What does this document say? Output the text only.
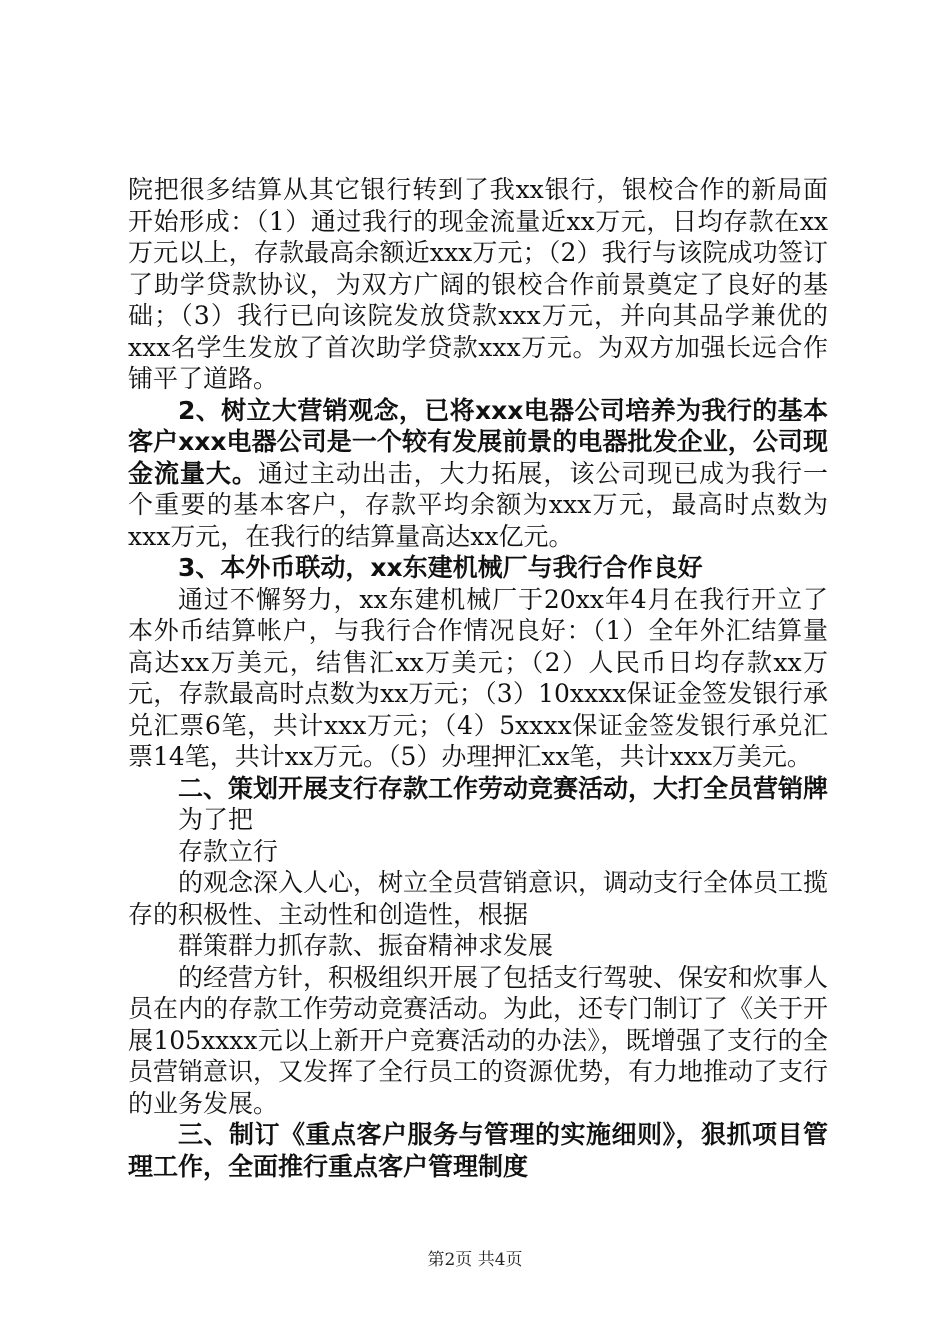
院把很多结算从其它银行转到了我xx银行，银校合作的新局面开始形成：（1）通过我行的现金流量近xx万元，日均存款在xx万元以上，存款最高余额近xxx万元；（2）我行与该院成功签订了助学贷款协议，为双方广阔的银校合作前景奠定了良好的基础；（3）我行已向该院发放贷款xxx万元，并向其品学兼优的xxx名学生发放了首次助学贷款xxx万元。为双方加强长远合作铺平了道路。

2、树立大营销观念，已将xxx电器公司培养为我行的基本客户xxx电器公司是一个较有发展前景的电器批发企业，公司现金流量大。通过主动出击，大力拓展，该公司现已成为我行一个重要的基本客户，存款平均余额为xxx万元，最高时点数为xxx万元，在我行的结算量高达xx亿元。

3、本外币联动，xx东建机械厂与我行合作良好

通过不懈努力，xx东建机械厂于20xx年4月在我行开立了本外币结算帐户，与我行合作情况良好：（1）全年外汇结算量高达xx万美元，结售汇xx万美元；（2）人民币日均存款xx万元，存款最高时点数为xx万元；（3）10xxxx保证金签发银行承兑汇票6笔，共计xxx万元；（4）5xxxx保证金签发银行承兑汇票14笔，共计xx万元。（5）办理押汇xx笔，共计xxx万美元。

二、策划开展支行存款工作劳动竞赛活动，大打全员营销牌

为了把

存款立行

的观念深入人心，树立全员营销意识，调动支行全体员工揽存的积极性、主动性和创造性，根据

群策群力抓存款、振奋精神求发展

的经营方针，积极组织开展了包括支行驾驶、保安和炊事人员在内的存款工作劳动竞赛活动。为此，还专门制订了《关于开展105xxxx元以上新开户竞赛活动的办法》，既增强了支行的全员营销意识，又发挥了全行员工的资源优势，有力地推动了支行的业务发展。

三、制订《重点客户服务与管理的实施细则》，狠抓项目管理工作，全面推行重点客户管理制度

第2页 共4页
